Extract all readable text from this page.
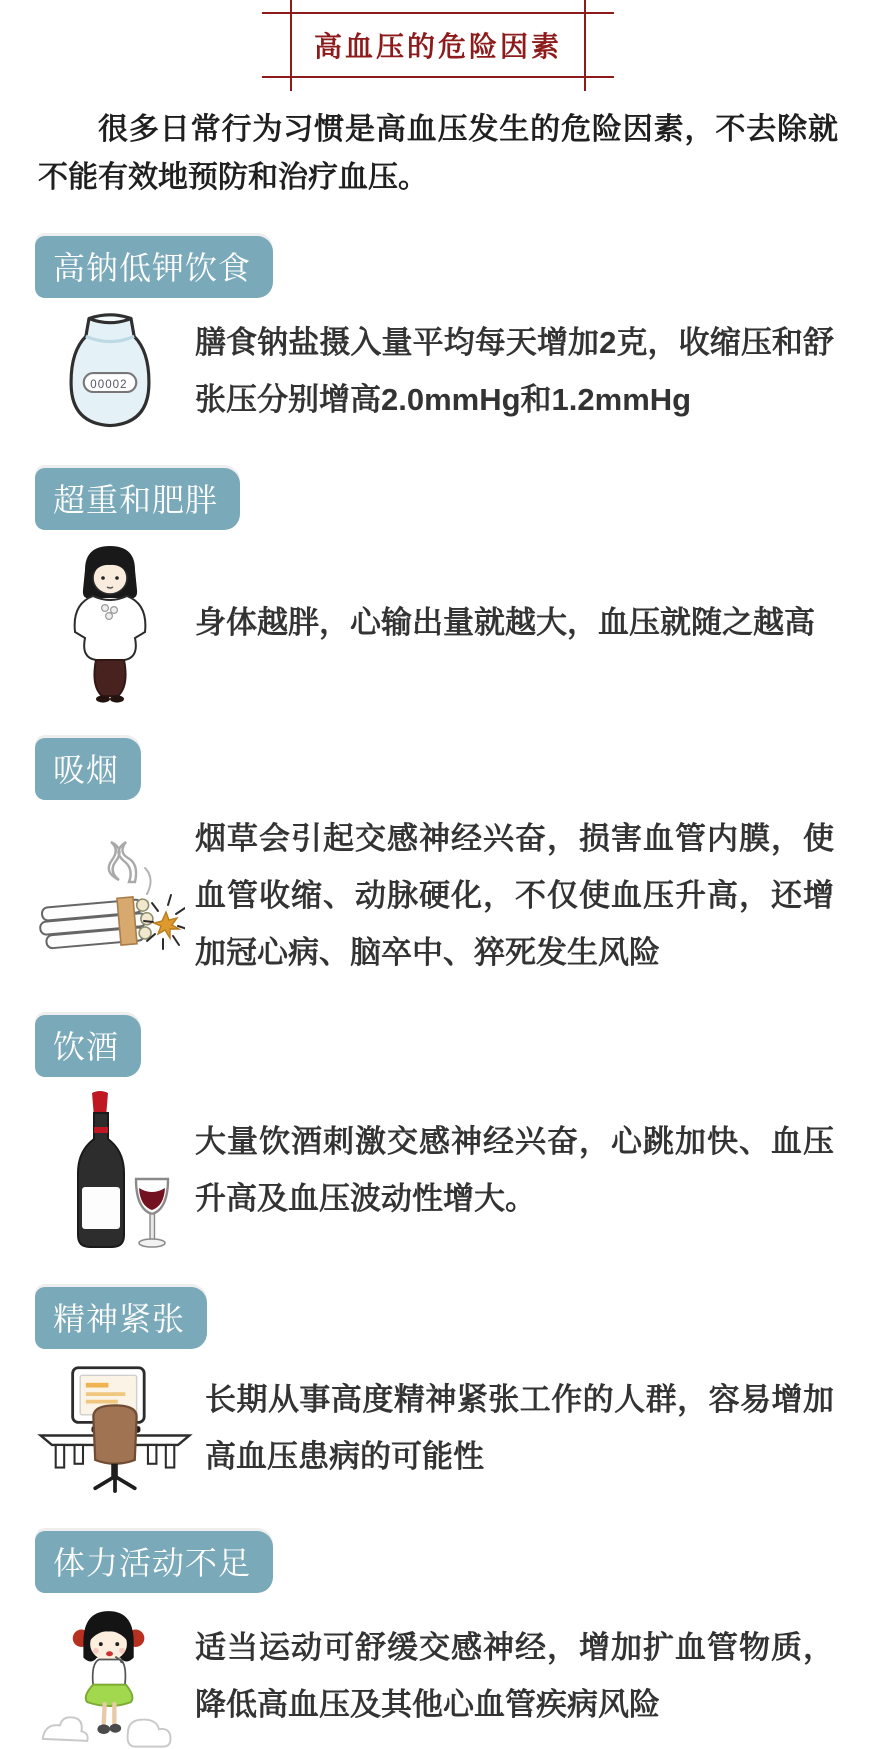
高血压的危险因素

很多日常行为习惯是高血压发生的危险因素，不去除就不能有效地预防和治疗血压。

高钠低钾饮食
00002
膳食钠盐摄入量平均每天增加2克，收缩压和舒张压分别增高2.0mmHg和1.2mmHg
超重和肥胖
身体越胖，心输出量就越大，血压就随之越高
吸烟
烟草会引起交感神经兴奋，损害血管内膜，使血管收缩、动脉硬化，不仅使血压升高，还增加冠心病、脑卒中、猝死发生风险
饮酒
大量饮酒刺激交感神经兴奋，心跳加快、血压升高及血压波动性增大。
精神紧张
长期从事高度精神紧张工作的人群，容易增加高血压患病的可能性
体力活动不足
适当运动可舒缓交感神经，增加扩血管物质，降低高血压及其他心血管疾病风险
